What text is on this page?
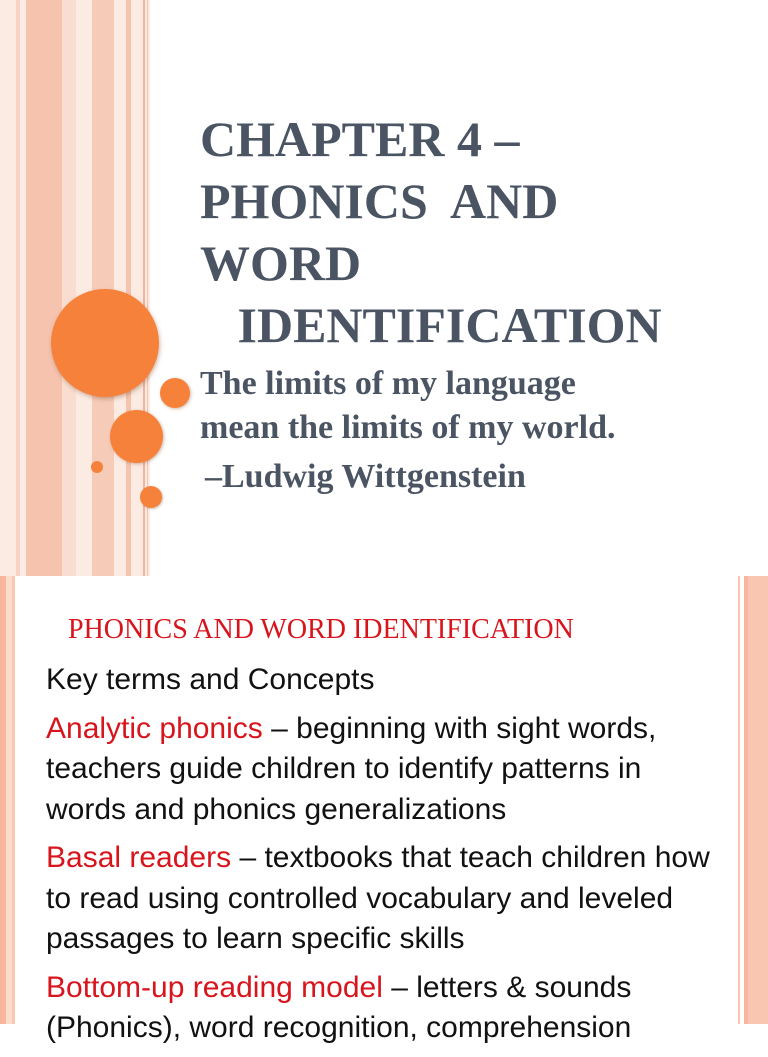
CHAPTER 4 –
PHONICS  AND
WORD
IDENTIFICATION
The limits of my language
mean the limits of my world.
–Ludwig Wittgenstein
PHONICS AND WORD IDENTIFICATION

Key terms and Concepts

Analytic phonics – beginning with sight words, teachers guide children to identify patterns in words and phonics generalizations

Basal readers – textbooks that teach children how to read using controlled vocabulary and leveled passages to learn specific skills

Bottom-up reading model – letters & sounds (Phonics), word recognition, comprehension
